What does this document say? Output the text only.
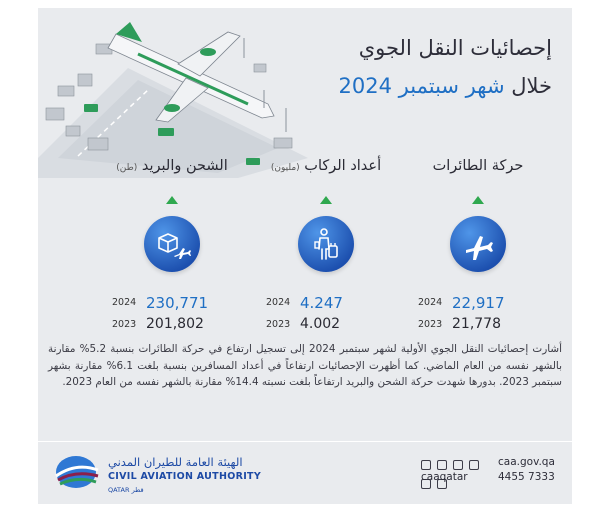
إحصائيات النقل الجوي
خلال شهر سبتمبر 2024
حركة الطائرات
2024 22,917
2023 21,778
أعداد الركاب (مليون)
2024 4.247
2023 4.002
الشحن والبريد (طن)
2024 230,771
2023 201,802
أشارت إحصائيات النقل الجوي الأولية لشهر سبتمبر 2024 إلى تسجيل ارتفاع في حركة الطائرات بنسبة 5.2% مقارنة بالشهر نفسه من العام الماضي. كما أظهرت الإحصائيات ارتفاعاً في أعداد المسافرين بنسبة بلغت 6.1% مقارنة بشهر سبتمبر 2023. بدورها شهدت حركة الشحن والبريد ارتفاعاً بلغت نسبته 14.4% مقارنة بالشهر نفسه من العام 2023.
الهيئة العامة للطيران المدني
CIVIL AVIATION AUTHORITY
QATAR قطر

caaqatar
caa.gov.qa
4455 7333
